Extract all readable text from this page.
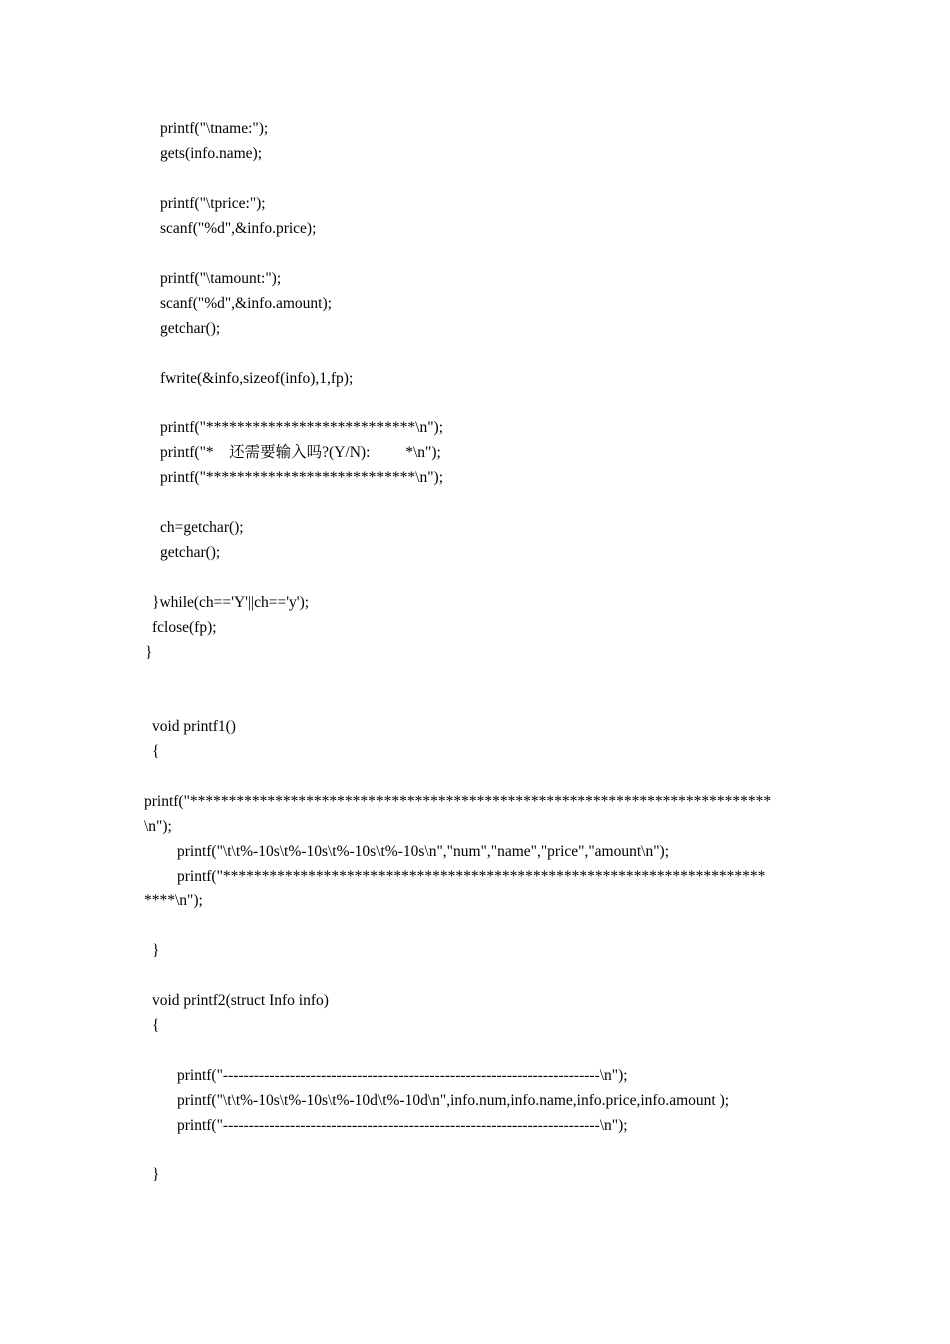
printf("\tname:");
gets(info.name);
printf("\tprice:");
scanf("%d",&info.price);
printf("\tamount:");
scanf("%d",&info.amount);
getchar();
fwrite(&info,sizeof(info),1,fp);
printf("***************************\n");
printf("*    还需要输入吗?(Y/N):         *\n");
printf("***************************\n");
ch=getchar();
getchar();
}while(ch=='Y'||ch=='y');
fclose(fp);
}
void printf1()
{
printf("***************************************************************************
\n");
printf("\t\t%-10s\t%-10s\t%-10s\t%-10s\n","num","name","price","amount\n");
printf("**********************************************************************
****\n");
}
void printf2(struct Info info)
{
printf("-------------------------------------------------------------------------\n");
printf("\t\t%-10s\t%-10s\t%-10d\t%-10d\n",info.num,info.name,info.price,info.amount );
printf("-------------------------------------------------------------------------\n");
}
